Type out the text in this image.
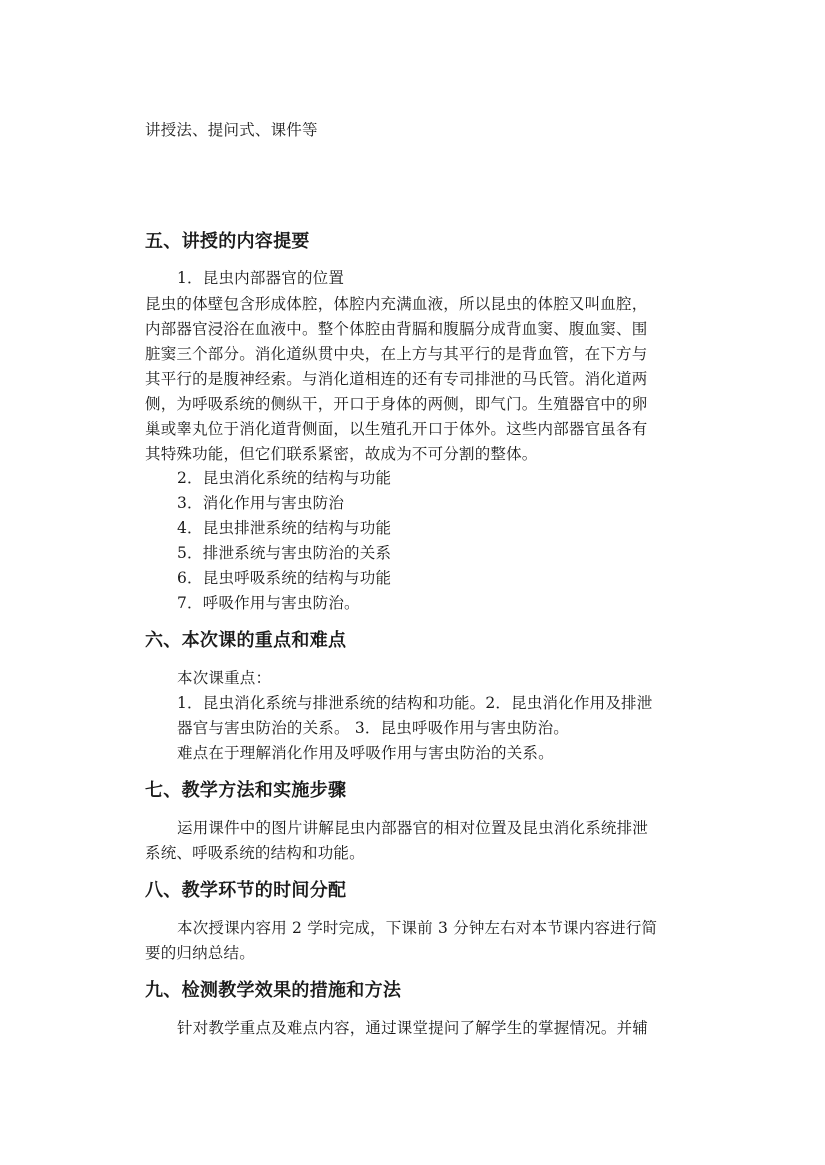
讲授法、提问式、课件等
五、讲授的内容提要
1．昆虫内部器官的位置
昆虫的体壁包含形成体腔，体腔内充满血液，所以昆虫的体腔又叫血腔，
内部器官浸浴在血液中。整个体腔由背膈和腹膈分成背血窦、腹血窦、围
脏窦三个部分。消化道纵贯中央，在上方与其平行的是背血管，在下方与
其平行的是腹神经索。与消化道相连的还有专司排泄的马氏管。消化道两
侧，为呼吸系统的侧纵干，开口于身体的两侧，即气门。生殖器官中的卵
巢或睾丸位于消化道背侧面，以生殖孔开口于体外。这些内部器官虽各有
其特殊功能，但它们联系紧密，故成为不可分割的整体。
2．昆虫消化系统的结构与功能
3．消化作用与害虫防治
4．昆虫排泄系统的结构与功能
5．排泄系统与害虫防治的关系
6．昆虫呼吸系统的结构与功能
7．呼吸作用与害虫防治。
六、本次课的重点和难点
本次课重点：
1．昆虫消化系统与排泄系统的结构和功能。2．昆虫消化作用及排泄
器官与害虫防治的关系。 3．昆虫呼吸作用与害虫防治。
难点在于理解消化作用及呼吸作用与害虫防治的关系。
七、教学方法和实施步骤
运用课件中的图片讲解昆虫内部器官的相对位置及昆虫消化系统排泄
系统、呼吸系统的结构和功能。
八、教学环节的时间分配
本次授课内容用 2 学时完成，下课前 3 分钟左右对本节课内容进行简
要的归纳总结。
九、检测教学效果的措施和方法
针对教学重点及难点内容，通过课堂提问了解学生的掌握情况。并辅
